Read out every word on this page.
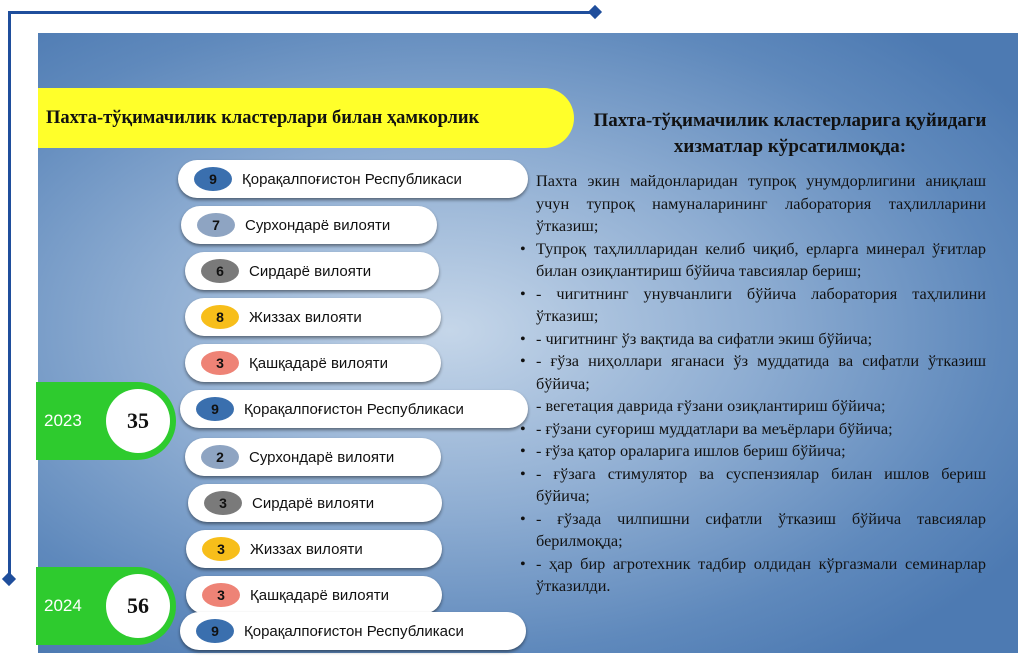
Пахта-тўқимачилик кластерлари билан ҳамкорлик	Пахта-тўқимачилик кластерларига қуйидаги хизматлар кўрсатилмоқда:
• Пахта экин майдонларидан тупроқ унумдорлигини аниқлаш учун тупроқ намуналарининг лаборатория таҳлилларини ўтказиш;
• Тупроқ таҳлилларидан келиб чиқиб, ерларга минерал ўғитлар билан озиқлантириш бўйича тавсиялар бериш;
• - чигитнинг унувчанлиги бўйича лаборатория таҳлилини ўтказиш;
• - чигитнинг ўз вақтида ва сифатли экиш бўйича;
• - ғўза ниҳоллари яганаси ўз муддатида ва сифатли ўтказиш бўйича;
• - вегетация даврида ғўзани озиқлантириш бўйича;
• - ғўзани суғориш муддатлари ва меъёрлари бўйича;
• - ғўза қатор ораларига ишлов бериш бўйича;
• - ғўзага стимулятор ва суспензиялар билан ишлов бериш бўйича;
• - ғўзада чилпишни сифатли ўтказиш бўйича тавсиялар берилмоқда;
• - ҳар бир агротехник тадбир олдидан кўргазмали семинарлар ўтказилди.
2023	35
2024	56
9	Қорақалпоғистон Республикаси
7	Сурхондарё вилояти
6	Сирдарё вилояти
8	Жиззах вилояти
3	Қашқадарё вилояти
9	Қорақалпоғистон Республикаси
2	Сурхондарё вилояти
3	Сирдарё вилояти
3	Жиззах вилояти
3	Қашқадарё вилояти
9	Қорақалпоғистон Республикаси
